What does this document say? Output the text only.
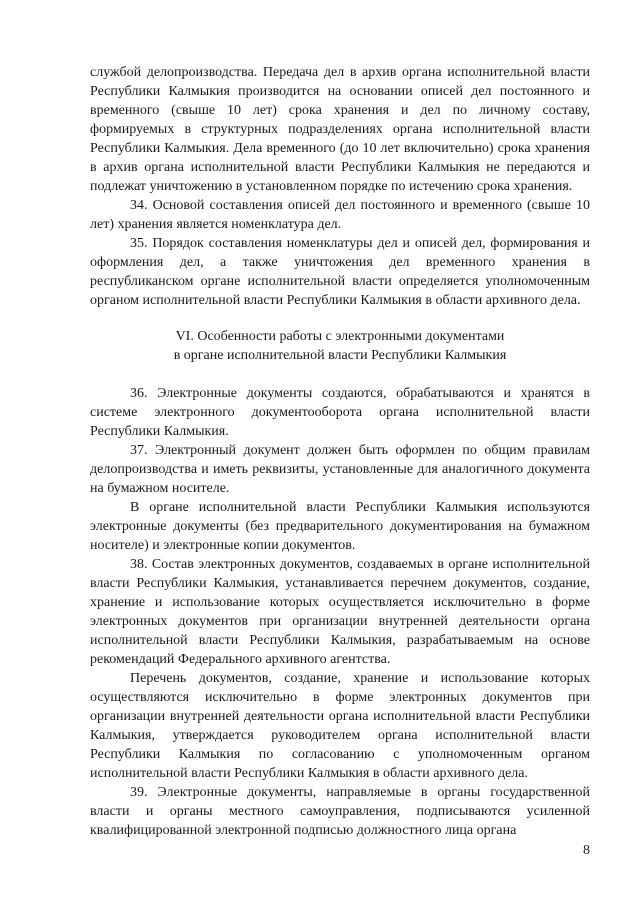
службой делопроизводства. Передача дел в архив органа исполнительной власти Республики Калмыкия производится на основании описей дел постоянного и временного (свыше 10 лет) срока хранения и дел по личному составу, формируемых в структурных подразделениях органа исполнительной власти Республики Калмыкия. Дела временного (до 10 лет включительно) срока хранения в архив органа исполнительной власти Республики Калмыкия не передаются и подлежат уничтожению в установленном порядке по истечению срока хранения.

34. Основой составления описей дел постоянного и временного (свыше 10 лет) хранения является номенклатура дел.

35. Порядок составления номенклатуры дел и описей дел, формирования и оформления дел, а также уничтожения дел временного хранения в республиканском органе исполнительной власти определяется уполномоченным органом исполнительной власти Республики Калмыкия в области архивного дела.

VI. Особенности работы с электронными документами
в органе исполнительной власти Республики Калмыкия

36. Электронные документы создаются, обрабатываются и хранятся в системе электронного документооборота органа исполнительной власти Республики Калмыкия.

37. Электронный документ должен быть оформлен по общим правилам делопроизводства и иметь реквизиты, установленные для аналогичного документа на бумажном носителе.

В органе исполнительной власти Республики Калмыкия используются электронные документы (без предварительного документирования на бумажном носителе) и электронные копии документов.

38. Состав электронных документов, создаваемых в органе исполнительной власти Республики Калмыкия, устанавливается перечнем документов, создание, хранение и использование которых осуществляется исключительно в форме электронных документов при организации внутренней деятельности органа исполнительной власти Республики Калмыкия, разрабатываемым на основе рекомендаций Федерального архивного агентства.

Перечень документов, создание, хранение и использование которых осуществляются исключительно в форме электронных документов при организации внутренней деятельности органа исполнительной власти Республики Калмыкия, утверждается руководителем органа исполнительной власти Республики Калмыкия по согласованию с уполномоченным органом исполнительной власти Республики Калмыкия в области архивного дела.

39. Электронные документы, направляемые в органы государственной власти и органы местного самоуправления, подписываются усиленной квалифицированной электронной подписью должностного лица органа

8
